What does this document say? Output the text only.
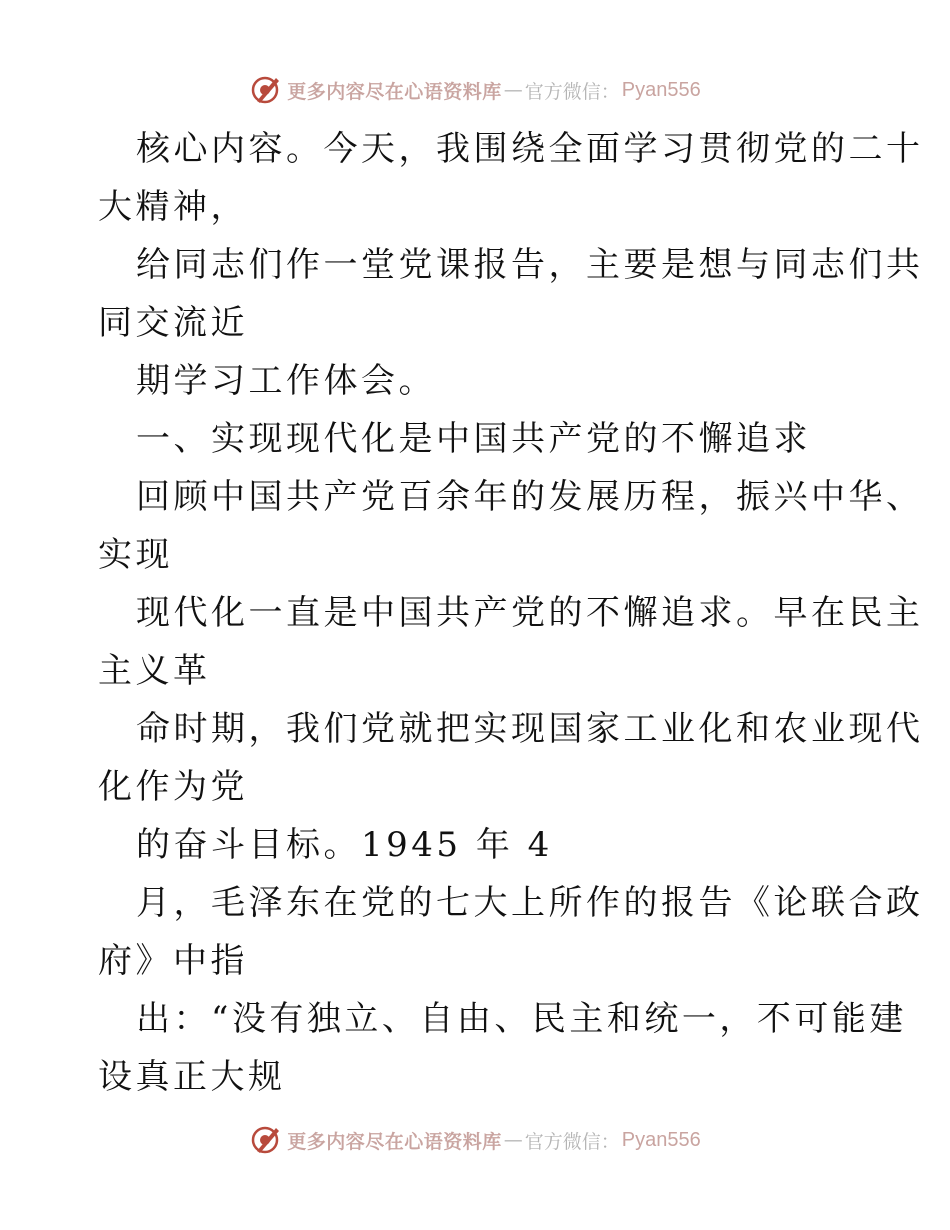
更多内容尽在心语资料库 — 官方微信： Pyan556
核心内容。今天，我围绕全面学习贯彻党的二十
大精神，
给同志们作一堂党课报告，主要是想与同志们共
同交流近
期学习工作体会。
一、实现现代化是中国共产党的不懈追求
回顾中国共产党百余年的发展历程，振兴中华、
实现
现代化一直是中国共产党的不懈追求。早在民主
主义革
命时期，我们党就把实现国家工业化和农业现代
化作为党
的奋斗目标。1945 年 4
月，毛泽东在党的七大上所作的报告《论联合政
府》中指
出：“没有独立、自由、民主和统一，不可能建
设真正大规
更多内容尽在心语资料库 — 官方微信： Pyan556
